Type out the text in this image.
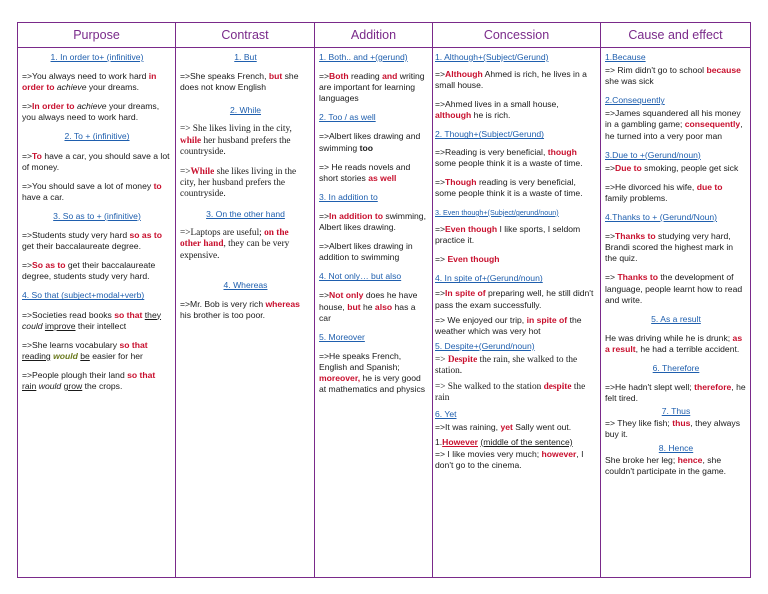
Purpose
1. In order to+ (infinitive)
=>You always need to work hard in order to achieve your dreams.
=>In order to achieve your dreams, you always need to work hard.
2. To + (infinitive)
=>To have a car, you should save a lot of money.
=>You should save a lot of money to have a car.
3. So as to + (infinitive)
=>Students study very hard so as to get their baccalaureate degree.
=>So as to get their baccalaureate degree, students study very hard.
4. So that (subject+modal+verb)
=>Societies read books so that they could improve their intellect
=>She learns vocabulary so that reading would be easier for her
=>People plough their land so that rain would grow the crops.
Contrast
1. But
=>She speaks French, but she does not know English
2. While
=> She likes living in the city, while her husband prefers the countryside.
=>While she likes living in the city, her husband prefers the countryside.
3. On the other hand
=>Laptops are useful; on the other hand, they can be very expensive.
4. Whereas
=>Mr. Bob is very rich whereas his brother is too poor.
Addition
1. Both.. and +(gerund)
=>Both reading and writing are important for learning languages
2. Too / as well
=>Albert likes drawing and swimming too
=> He reads novels and short stories as well
3. In addition to
=>In addition to swimming, Albert likes drawing.
=>Albert likes drawing in addition to swimming
4. Not only… but also
=>Not only does he have house, but he also has a car
5. Moreover
=>He speaks French, English and Spanish; moreover, he is very good at mathematics and physics
Concession
1. Although+(Subject/Gerund)
=>Although Ahmed is rich, he lives in a small house.
=>Ahmed lives in a small house, although he is rich.
2. Though+(Subject/Gerund)
=>Reading is very beneficial, though some people think it is a waste of time.
=>Though reading is very beneficial, some people think it is a waste of time.
3. Even though+(Subject/gerund/noun)
=>Even though I like sports, I seldom practice it.
=> Even though
4. In spite of+(Gerund/noun)
=>In spite of preparing well, he still didn't pass the exam successfully.
=> We enjoyed our trip, in spite of the weather which was very hot
5. Despite+(Gerund/noun)
=> Despite the rain, she walked to the station.
=> She walked to the station despite the rain
6. Yet
=>It was raining, yet Sally went out.
1.However (middle of the sentence)
=> I like movies very much; however, I don't go to the cinema.
Cause and effect
1.Because
=> Rim didn't go to school because she was sick
2.Consequently
=>James squandered all his money in a gambling game; consequently, he turned into a very poor man
3.Due to +(Gerund/noun)
=>Due to smoking, people get sick
=>He divorced his wife, due to family problems.
4.Thanks to + (Gerund/Noun)
=>Thanks to studying very hard, Brandi scored the highest mark in the quiz.
=> Thanks to the development of language, people learnt how to read and write.
5. As a result
He was driving while he is drunk; as a result, he had a terrible accident.
6. Therefore
=>He hadn't slept well; therefore, he felt tired.
7. Thus
=> They like fish; thus, they always buy it.
8. Hence
She broke her leg; hence, she couldn't participate in the game.
